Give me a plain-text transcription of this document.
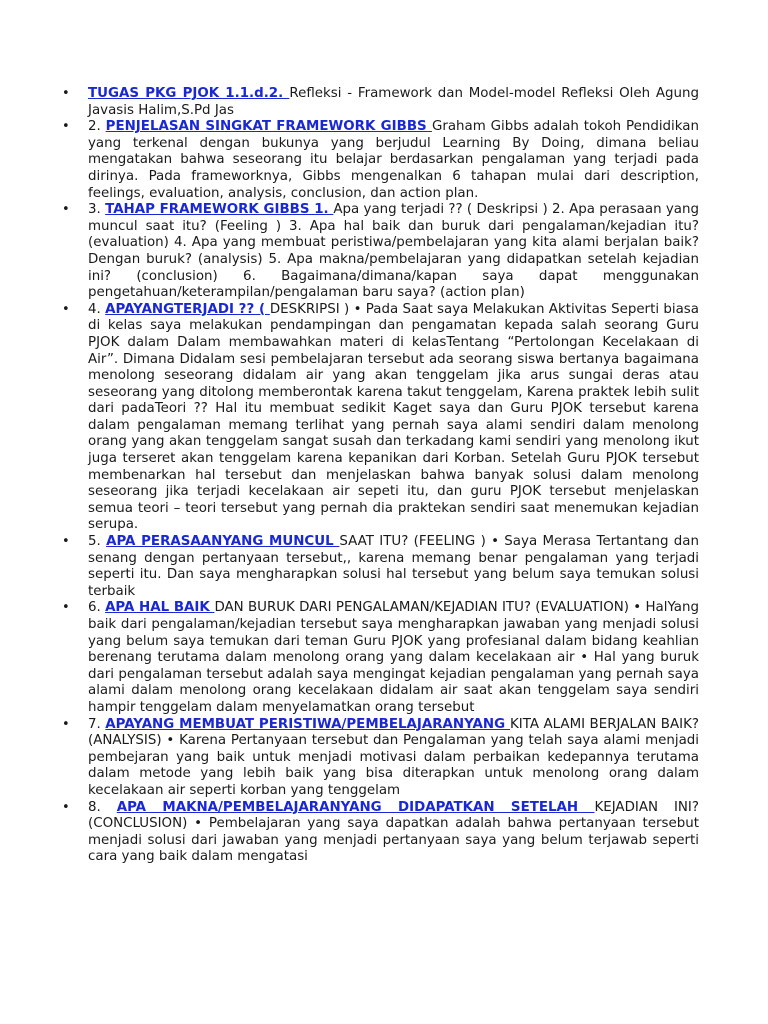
• TUGAS PKG PJOK 1.1.d.2. Refleksi - Framework dan Model-model Refleksi Oleh Agung Javasis Halim,S.Pd Jas
• 2. PENJELASAN SINGKAT FRAMEWORK GIBBS Graham Gibbs adalah tokoh Pendidikan yang terkenal dengan bukunya yang berjudul Learning By Doing, dimana beliau mengatakan bahwa seseorang itu belajar berdasarkan pengalaman yang terjadi pada dirinya. Pada frameworknya, Gibbs mengenalkan 6 tahapan mulai dari description, feelings, evaluation, analysis, conclusion, dan action plan.
• 3. TAHAP FRAMEWORK GIBBS 1. Apa yang terjadi ?? ( Deskripsi ) 2. Apa perasaan yang muncul saat itu? (Feeling ) 3. Apa hal baik dan buruk dari pengalaman/kejadian itu? (evaluation) 4. Apa yang membuat peristiwa/pembelajaran yang kita alami berjalan baik? Dengan buruk? (analysis) 5. Apa makna/pembelajaran yang didapatkan setelah kejadian ini? (conclusion) 6. Bagaimana/dimana/kapan saya dapat menggunakan pengetahuan/keterampilan/pengalaman baru saya? (action plan)
• 4. APAYANGTERJADI ?? ( DESKRIPSI ) • Pada Saat saya Melakukan Aktivitas Seperti biasa di kelas saya melakukan pendampingan dan pengamatan kepada salah seorang Guru PJOK dalam Dalam membawahkan materi di kelasTentang “Pertolongan Kecelakaan di Air”. Dimana Didalam sesi pembelajaran tersebut ada seorang siswa bertanya bagaimana menolong seseorang didalam air yang akan tenggelam jika arus sungai deras atau seseorang yang ditolong memberontak karena takut tenggelam, Karena praktek lebih sulit dari padaTeori ?? Hal itu membuat sedikit Kaget saya dan Guru PJOK tersebut karena dalam pengalaman memang terlihat yang pernah saya alami sendiri dalam menolong orang yang akan tenggelam sangat susah dan terkadang kami sendiri yang menolong ikut juga terseret akan tenggelam karena kepanikan dari Korban. Setelah Guru PJOK tersebut membenarkan hal tersebut dan menjelaskan bahwa banyak solusi dalam menolong seseorang jika terjadi kecelakaan air sepeti itu, dan guru PJOK tersebut menjelaskan semua teori – teori tersebut yang pernah dia praktekan sendiri saat menemukan kejadian serupa.
• 5. APA PERASAANYANG MUNCUL SAAT ITU? (FEELING ) • Saya Merasa Tertantang dan senang dengan pertanyaan tersebut,, karena memang benar pengalaman yang terjadi seperti itu. Dan saya mengharapkan solusi hal tersebut yang belum saya temukan solusi terbaik
• 6. APA HAL BAIK DAN BURUK DARI PENGALAMAN/KEJADIAN ITU? (EVALUATION) • HalYang baik dari pengalaman/kejadian tersebut saya mengharapkan jawaban yang menjadi solusi yang belum saya temukan dari teman Guru PJOK yang profesianal dalam bidang keahlian berenang terutama dalam menolong orang yang dalam kecelakaan air • Hal yang buruk dari pengalaman tersebut adalah saya mengingat kejadian pengalaman yang pernah saya alami dalam menolong orang kecelakaan didalam air saat akan tenggelam saya sendiri hampir tenggelam dalam menyelamatkan orang tersebut
• 7. APAYANG MEMBUAT PERISTIWA/PEMBELAJARANYANG KITA ALAMI BERJALAN BAIK? (ANALYSIS) • Karena Pertanyaan tersebut dan Pengalaman yang telah saya alami menjadi pembejaran yang baik untuk menjadi motivasi dalam perbaikan kedepannya terutama dalam metode yang lebih baik yang bisa diterapkan untuk menolong orang dalam kecelakaan air seperti korban yang tenggelam
• 8. APA MAKNA/PEMBELAJARANYANG DIDAPATKAN SETELAH KEJADIAN INI? (CONCLUSION) • Pembelajaran yang saya dapatkan adalah bahwa pertanyaan tersebut menjadi solusi dari jawaban yang menjadi pertanyaan saya yang belum terjawab seperti cara yang baik dalam mengatasi
